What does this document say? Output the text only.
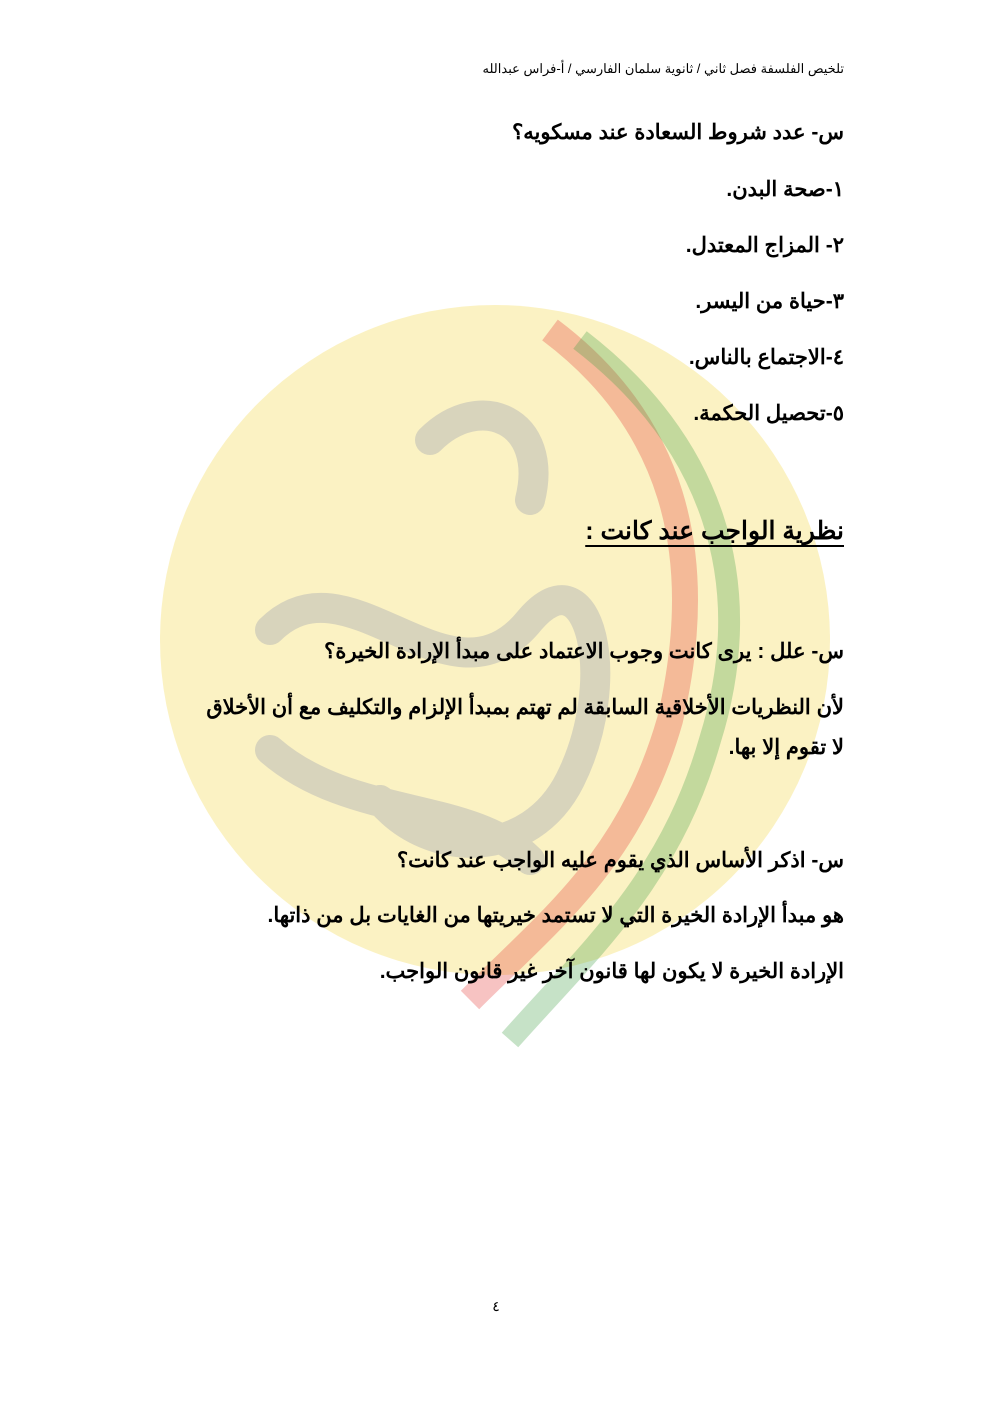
تلخيص الفلسفة فصل ثاني / ثانوية سلمان الفارسي / أ-فراس عبدالله
س- عدد شروط السعادة عند مسكويه؟
١-صحة البدن.
٢- المزاج المعتدل.
٣-حياة من اليسر.
٤-الاجتماع بالناس.
٥-تحصيل الحكمة.
نظرية الواجب عند كانت :
س- علل : يرى كانت وجوب الاعتماد على مبدأ الإرادة الخيرة؟
لأن النظريات الأخلاقية السابقة لم تهتم بمبدأ الإلزام والتكليف مع أن الأخلاق لا تقوم إلا بها.
س- اذكر الأساس الذي يقوم عليه الواجب عند كانت؟
هو مبدأ الإرادة الخيرة التي لا تستمد خيريتها من الغايات بل من ذاتها.
الإرادة الخيرة لا يكون لها قانون آخر غير قانون الواجب.
٤
